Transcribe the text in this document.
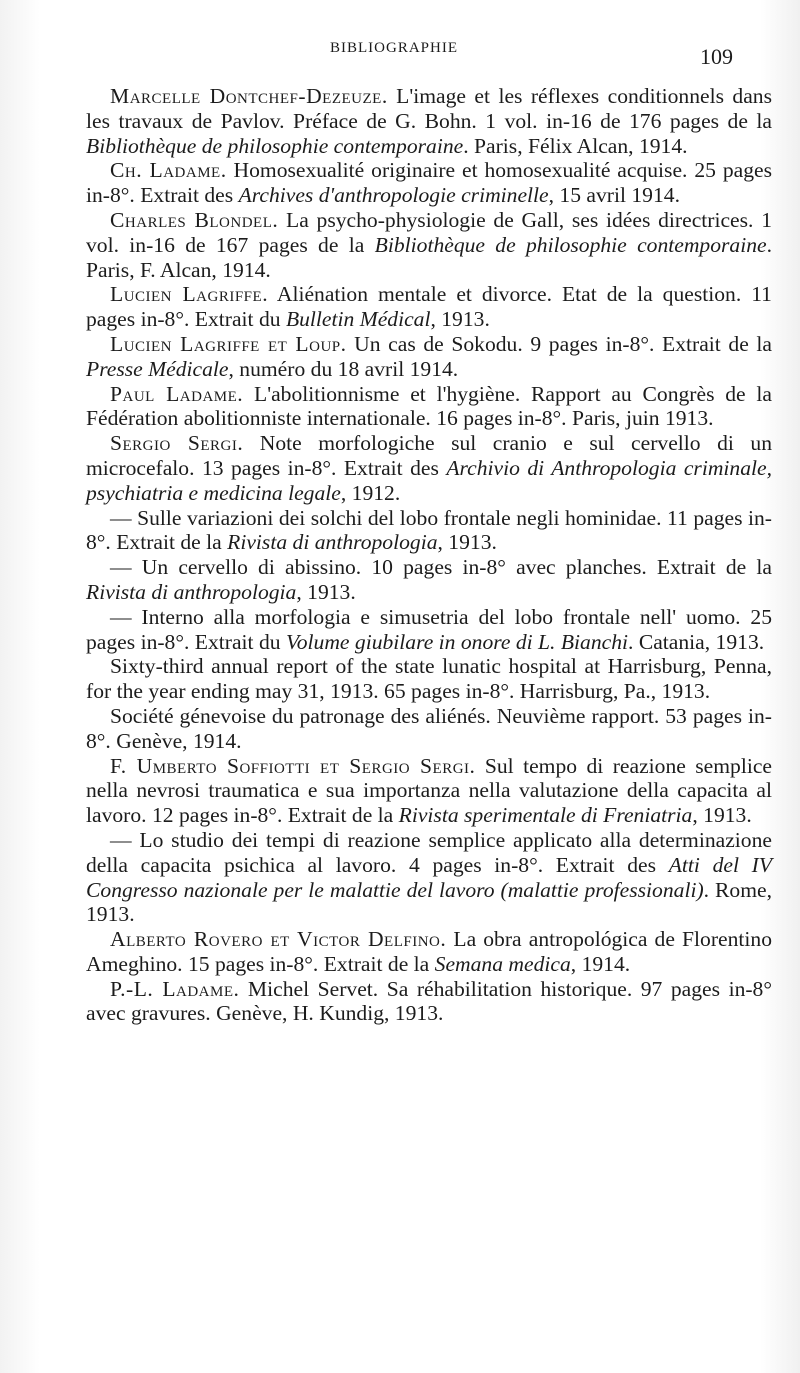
BIBLIOGRAPHIE	109

Marcelle Dontchef-Dezeuze. L'image et les réflexes conditionnels dans les travaux de Pavlov. Préface de G. Bohn. 1 vol. in-16 de 176 pages de la Bibliothèque de philosophie contemporaine. Paris, Félix Alcan, 1914.

Ch. Ladame. Homosexualité originaire et homosexualité acquise. 25 pages in-8°. Extrait des Archives d'anthropologie criminelle, 15 avril 1914.

Charles Blondel. La psycho-physiologie de Gall, ses idées directrices. 1 vol. in-16 de 167 pages de la Bibliothèque de philosophie contemporaine. Paris, F. Alcan, 1914.

Lucien Lagriffe. Aliénation mentale et divorce. Etat de la question. 11 pages in-8°. Extrait du Bulletin Médical, 1913.

Lucien Lagriffe et Loup. Un cas de Sokodu. 9 pages in-8°. Extrait de la Presse Médicale, numéro du 18 avril 1914.

Paul Ladame. L'abolitionnisme et l'hygiène. Rapport au Congrès de la Fédération abolitionniste internationale. 16 pages in-8°. Paris, juin 1913.

Sergio Sergi. Note morfologiche sul cranio e sul cervello di un microcefalo. 13 pages in-8°. Extrait des Archivio di Anthropologia criminale, psychiatria e medicina legale, 1912.

— Sulle variazioni dei solchi del lobo frontale negli hominidae. 11 pages in-8°. Extrait de la Rivista di anthropologia, 1913.

— Un cervello di abissino. 10 pages in-8° avec planches. Extrait de la Rivista di anthropologia, 1913.

— Interno alla morfologia e simusetria del lobo frontale nell' uomo. 25 pages in-8°. Extrait du Volume giubilare in onore di L. Bianchi. Catania, 1913.

Sixty-third annual report of the state lunatic hospital at Harrisburg, Penna, for the year ending may 31, 1913. 65 pages in-8°. Harrisburg, Pa., 1913.

Société génevoise du patronage des aliénés. Neuvième rapport. 53 pages in-8°. Genève, 1914.

F. Umberto Soffiotti et Sergio Sergi. Sul tempo di reazione semplice nella nevrosi traumatica e sua importanza nella valutazione della capacita al lavoro. 12 pages in-8°. Extrait de la Rivista sperimentale di Freniatria, 1913.

— Lo studio dei tempi di reazione semplice applicato alla determinazione della capacita psichica al lavoro. 4 pages in-8°. Extrait des Atti del IV Congresso nazionale per le malattie del lavoro (malattie professionali). Rome, 1913.

Alberto Rovero et Victor Delfino. La obra antropológica de Florentino Ameghino. 15 pages in-8°. Extrait de la Semana medica, 1914.

P.-L. Ladame. Michel Servet. Sa réhabilitation historique. 97 pages in-8° avec gravures. Genève, H. Kundig, 1913.
